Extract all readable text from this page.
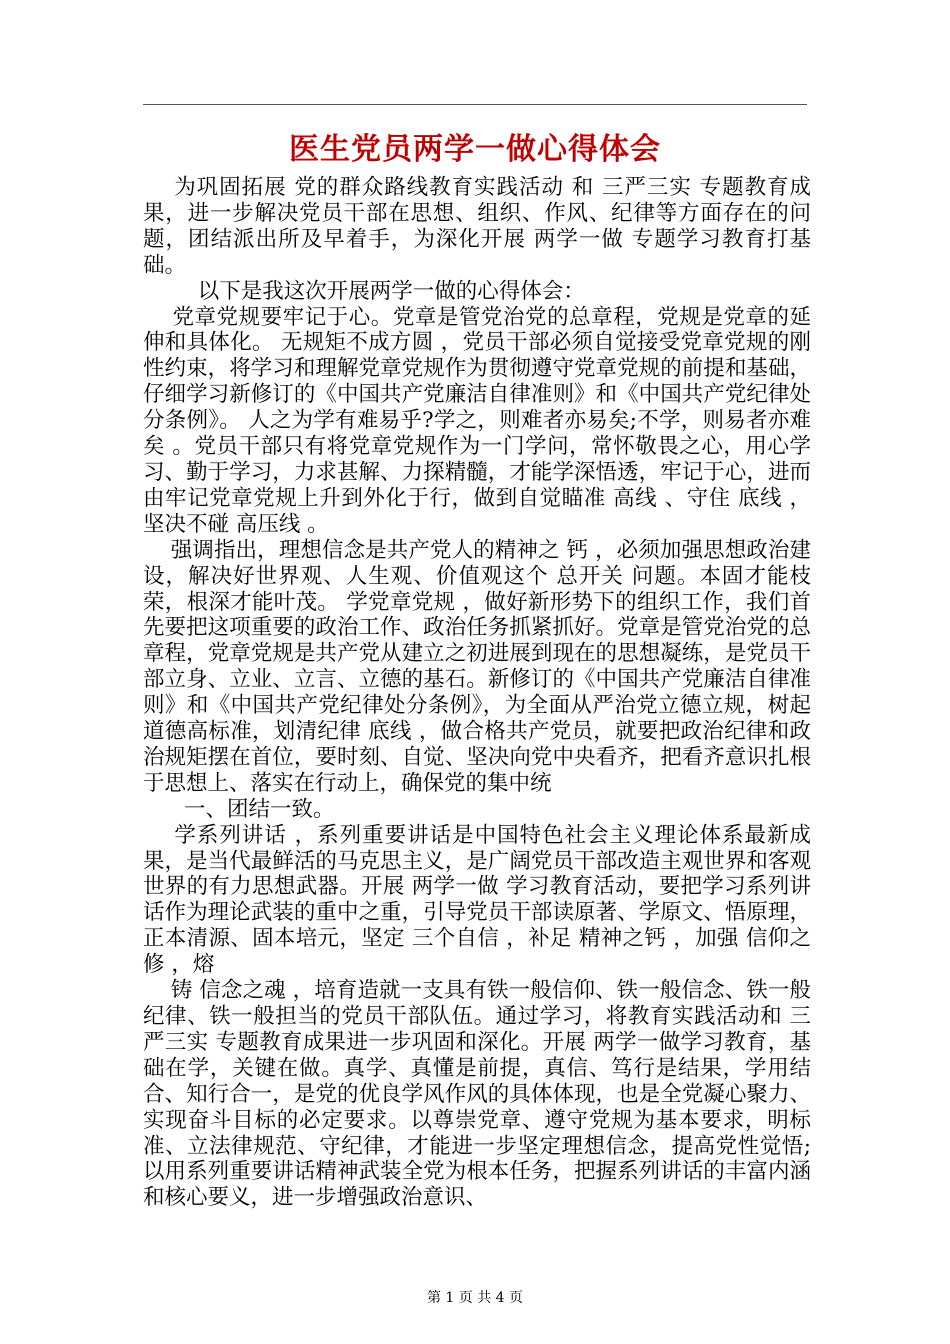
医生党员两学一做心得体会

为巩固拓展 党的群众路线教育实践活动 和 三严三实 专题教育成果，进一步解决党员干部在思想、组织、作风、纪律等方面存在的问题，团结派出所及早着手，为深化开展 两学一做 专题学习教育打基础。

以下是我这次开展两学一做的心得体会：

党章党规要牢记于心。党章是管党治党的总章程，党规是党章的延伸和具体化。 无规矩不成方圆 ，党员干部必须自觉接受党章党规的刚性约束，将学习和理解党章党规作为贯彻遵守党章党规的前提和基础，仔细学习新修订的《中国共产党廉洁自律准则》和《中国共产党纪律处分条例》。 人之为学有难易乎?学之，则难者亦易矣;不学，则易者亦难矣 。党员干部只有将党章党规作为一门学问，常怀敬畏之心，用心学习、勤于学习，力求甚解、力探精髓，才能学深悟透，牢记于心，进而由牢记党章党规上升到外化于行，做到自觉瞄准 高线 、守住 底线 ，坚决不碰 高压线 。

强调指出，理想信念是共产党人的精神之 钙 ，必须加强思想政治建设，解决好世界观、人生观、价值观这个 总开关 问题。本固才能枝荣，根深才能叶茂。 学党章党规 ，做好新形势下的组织工作，我们首先要把这项重要的政治工作、政治任务抓紧抓好。党章是管党治党的总章程，党章党规是共产党从建立之初进展到现在的思想凝练，是党员干部立身、立业、立言、立德的基石。新修订的《中国共产党廉洁自律准则》和《中国共产党纪律处分条例》，为全面从严治党立德立规，树起道德高标准，划清纪律 底线 ，做合格共产党员，就要把政治纪律和政治规矩摆在首位，要时刻、自觉、坚决向党中央看齐，把看齐意识扎根于思想上、落实在行动上，确保党的集中统

一、团结一致。

学系列讲话 ，系列重要讲话是中国特色社会主义理论体系最新成果，是当代最鲜活的马克思主义，是广阔党员干部改造主观世界和客观世界的有力思想武器。开展 两学一做 学习教育活动，要把学习系列讲话作为理论武装的重中之重，引导党员干部读原著、学原文、悟原理，正本清源、固本培元，坚定 三个自信 ，补足 精神之钙 ，加强 信仰之修 ，熔

铸 信念之魂 ，培育造就一支具有铁一般信仰、铁一般信念、铁一般纪律、铁一般担当的党员干部队伍。通过学习，将教育实践活动和 三严三实 专题教育成果进一步巩固和深化。开展 两学一做学习教育，基础在学，关键在做。真学、真懂是前提，真信、笃行是结果，学用结合、知行合一，是党的优良学风作风的具体体现，也是全党凝心聚力、实现奋斗目标的必定要求。以尊崇党章、遵守党规为基本要求，明标准、立法律规范、守纪律，才能进一步坚定理想信念，提高党性觉悟;以用系列重要讲话精神武装全党为根本任务，把握系列讲话的丰富内涵和核心要义，进一步增强政治意识、

第 1 页 共 4 页
